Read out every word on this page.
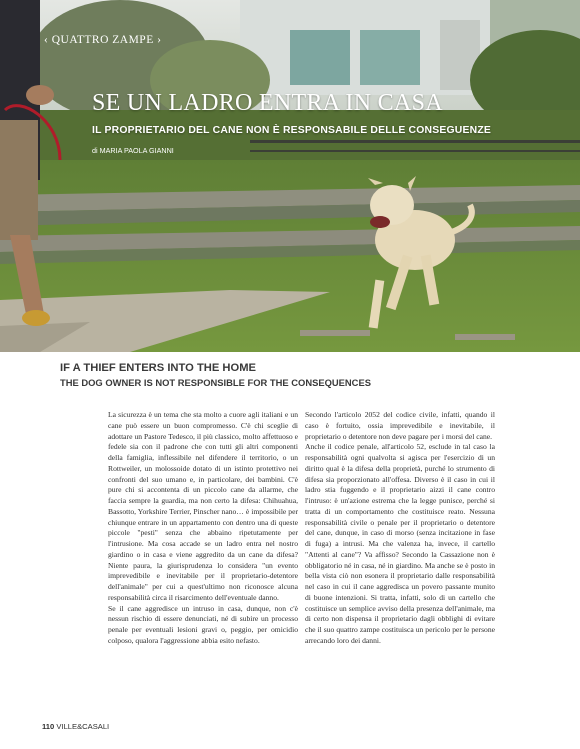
‹ QUATTRO ZAMPE ›
SE UN LADRO ENTRA IN CASA
IL PROPRIETARIO DEL CANE NON È RESPONSABILE DELLE CONSEGUENZE
di MARIA PAOLA GIANNI
IF A THIEF ENTERS INTO THE HOME
THE DOG OWNER IS NOT RESPONSIBLE FOR THE CONSEQUENCES

La sicurezza è un tema che sta molto a cuore agli italiani e un cane può essere un buon compromesso. C'è chi sceglie di adottare un Pastore Tedesco, il più classico, molto affettuoso e fedele sia con il padrone che con tutti gli altri componenti della famiglia, inflessibile nel difendere il territorio, o un Rottweiler, un molossoide dotato di un istinto protettivo nei confronti del suo umano e, in particolare, dei bambini. C'è pure chi si accontenta di un piccolo cane da allarme, che faccia sempre la guardia, ma non certo la difesa: Chihuahua, Bassotto, Yorkshire Terrier, Pinscher nano… è impossibile per chiunque entrare in un appartamento con dentro una di queste piccole "pesti" senza che abbaino ripetutamente per l'intrusione. Ma cosa accade se un ladro entra nel nostro giardino o in casa e viene aggredito da un cane da difesa? Niente paura, la giurisprudenza lo considera "un evento imprevedibile e inevitabile per il proprietario-detentore dell'animale" per cui a quest'ultimo non riconosce alcuna responsabilità circa il risarcimento dell'eventuale danno.

Se il cane aggredisce un intruso in casa, dunque, non c'è nessun rischio di essere denunciati, né di subire un processo penale per eventuali lesioni gravi o, peggio, per omicidio colposo, qualora l'aggressione abbia esito nefasto.

Secondo l'articolo 2052 del codice civile, infatti, quando il caso è fortuito, ossia imprevedibile e inevitabile, il proprietario o detentore non deve pagare per i morsi del cane.

Anche il codice penale, all'articolo 52, esclude in tal caso la responsabilità ogni qualvolta si agisca per l'esercizio di un diritto qual è la difesa della proprietà, purché lo strumento di difesa sia proporzionato all'offesa. Diverso è il caso in cui il ladro stia fuggendo e il proprietario aizzi il cane contro l'intruso: è un'azione estrema che la legge punisce, perché si tratta di un comportamento che costituisce reato. Nessuna responsabilità civile o penale per il proprietario o detentore del cane, dunque, in caso di morso (senza incitazione in fase di fuga) a intrusi. Ma che valenza ha, invece, il cartello "Attenti al cane"? Va affisso? Secondo la Cassazione non è obbligatorio né in casa, né in giardino. Ma anche se è posto in bella vista ciò non esonera il proprietario dalle responsabilità nel caso in cui il cane aggredisca un povero passante munito di buone intenzioni. Si tratta, infatti, solo di un cartello che costituisce un semplice avviso della presenza dell'animale, ma di certo non dispensa il proprietario dagli obblighi di evitare che il suo quattro zampe costituisca un pericolo per le persone arrecando loro dei danni.

110 VILLE&CASALI
